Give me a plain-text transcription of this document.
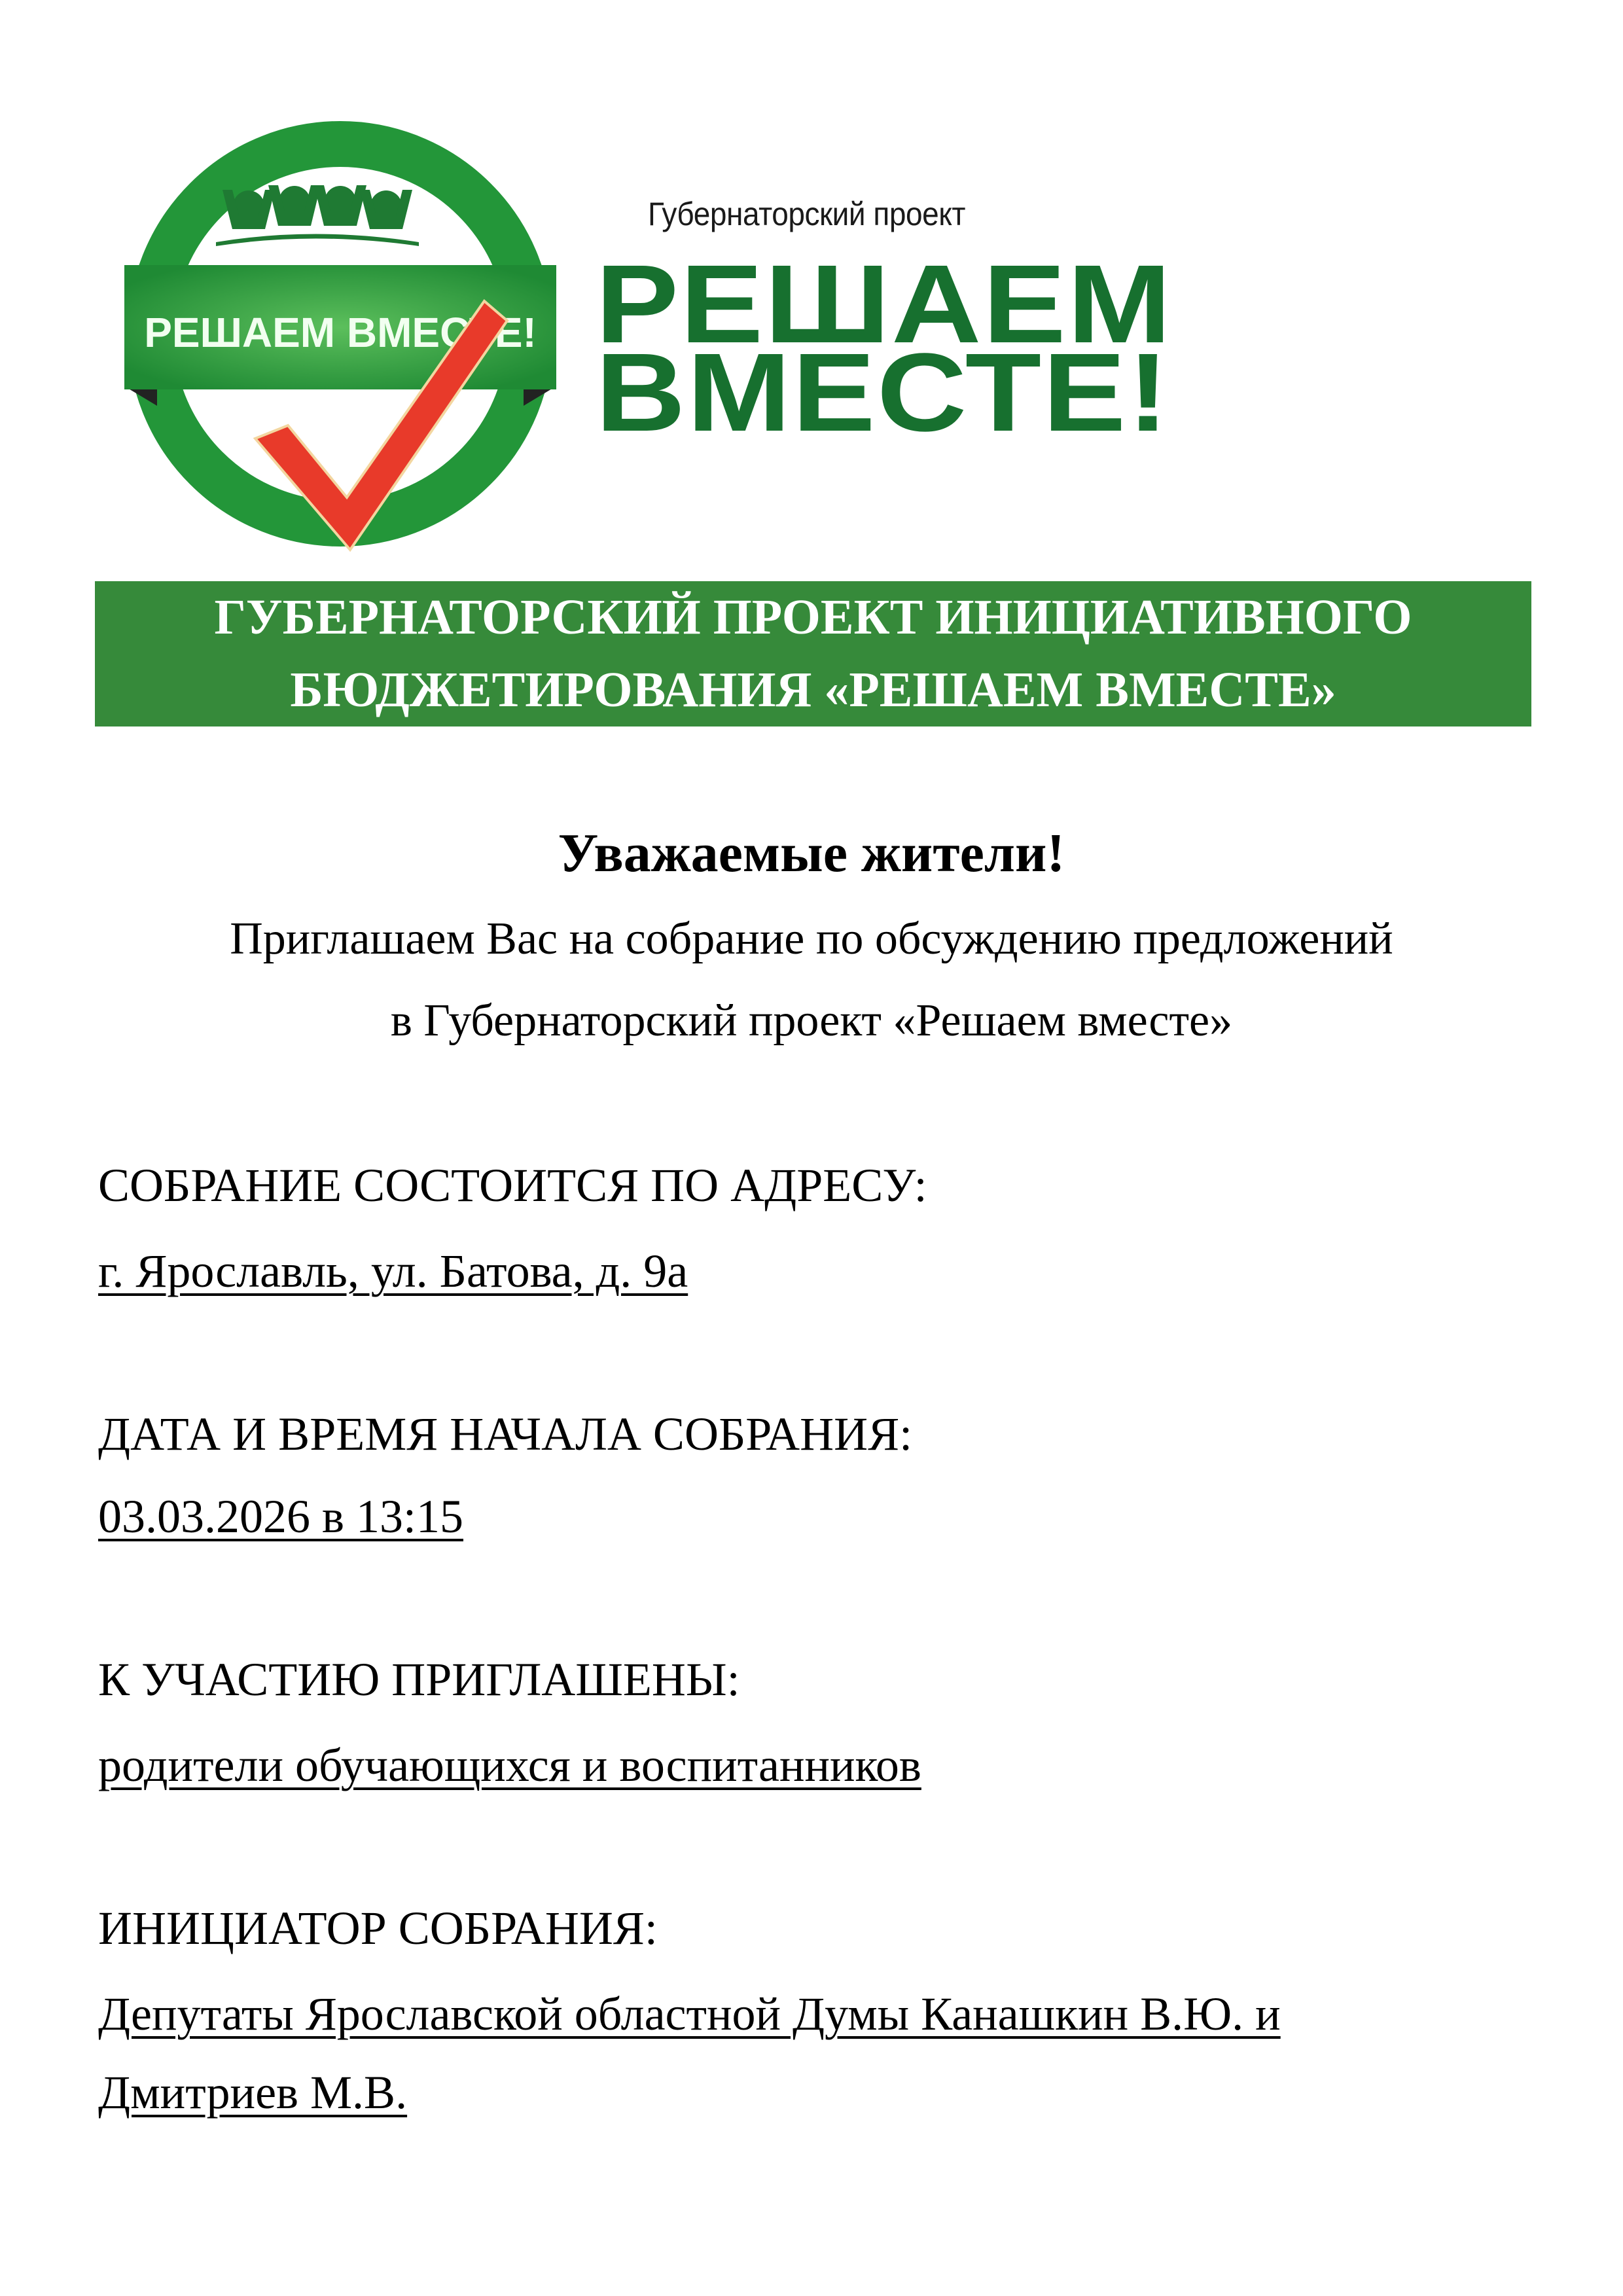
РЕШАЕМ ВМЕСТЕ!
Губернаторский проект
РЕШАЕМ
ВМЕСТЕ!
ГУБЕРНАТОРСКИЙ ПРОЕКТ ИНИЦИАТИВНОГО
БЮДЖЕТИРОВАНИЯ «РЕШАЕМ ВМЕСТЕ»
Уважаемые жители!
Приглашаем Вас на собрание по обсуждению предложений
в Губернаторский проект «Решаем вместе»
СОБРАНИЕ СОСТОИТСЯ ПО АДРЕСУ:
г. Ярославль, ул. Батова, д. 9а
ДАТА И ВРЕМЯ НАЧАЛА СОБРАНИЯ:
03.03.2026 в 13:15
К УЧАСТИЮ ПРИГЛАШЕНЫ:
родители обучающихся и воспитанников
ИНИЦИАТОР СОБРАНИЯ:
Депутаты Ярославской областной Думы Канашкин В.Ю. и
Дмитриев М.В.
